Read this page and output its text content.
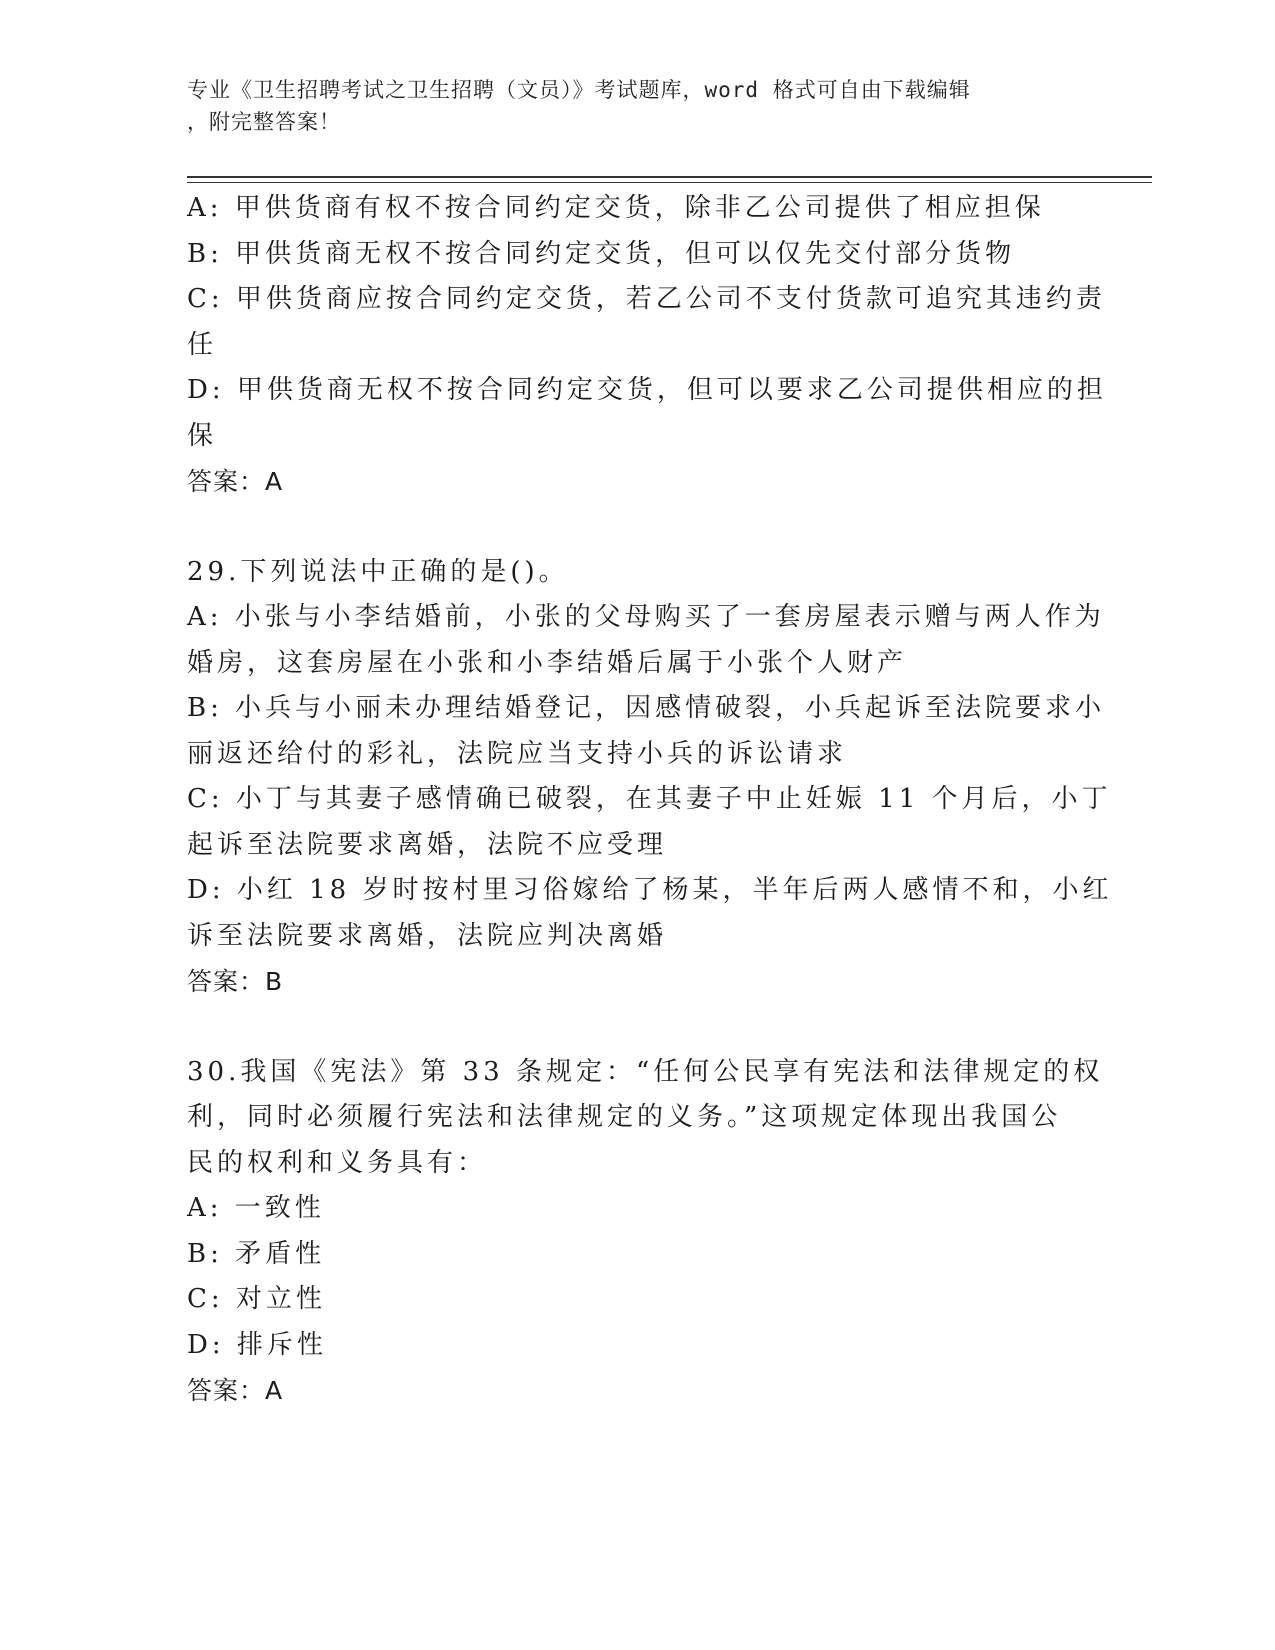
专业《卫生招聘考试之卫生招聘（文员）》考试题库，word 格式可自由下载编辑
，附完整答案！
A: 甲供货商有权不按合同约定交货，除非乙公司提供了相应担保
B: 甲供货商无权不按合同约定交货，但可以仅先交付部分货物
C: 甲供货商应按合同约定交货，若乙公司不支付货款可追究其违约责
任
D: 甲供货商无权不按合同约定交货，但可以要求乙公司提供相应的担
保
答案：A
29.下列说法中正确的是()。
A: 小张与小李结婚前，小张的父母购买了一套房屋表示赠与两人作为
婚房，这套房屋在小张和小李结婚后属于小张个人财产
B: 小兵与小丽未办理结婚登记，因感情破裂，小兵起诉至法院要求小
丽返还给付的彩礼，法院应当支持小兵的诉讼请求
C: 小丁与其妻子感情确已破裂，在其妻子中止妊娠 11 个月后，小丁
起诉至法院要求离婚，法院不应受理
D: 小红 18 岁时按村里习俗嫁给了杨某，半年后两人感情不和，小红
诉至法院要求离婚，法院应判决离婚
答案：B
30.我国《宪法》第 33 条规定：“任何公民享有宪法和法律规定的权
利，同时必须履行宪法和法律规定的义务。”这项规定体现出我国公
民的权利和义务具有：
A: 一致性
B: 矛盾性
C: 对立性
D: 排斥性
答案：A
